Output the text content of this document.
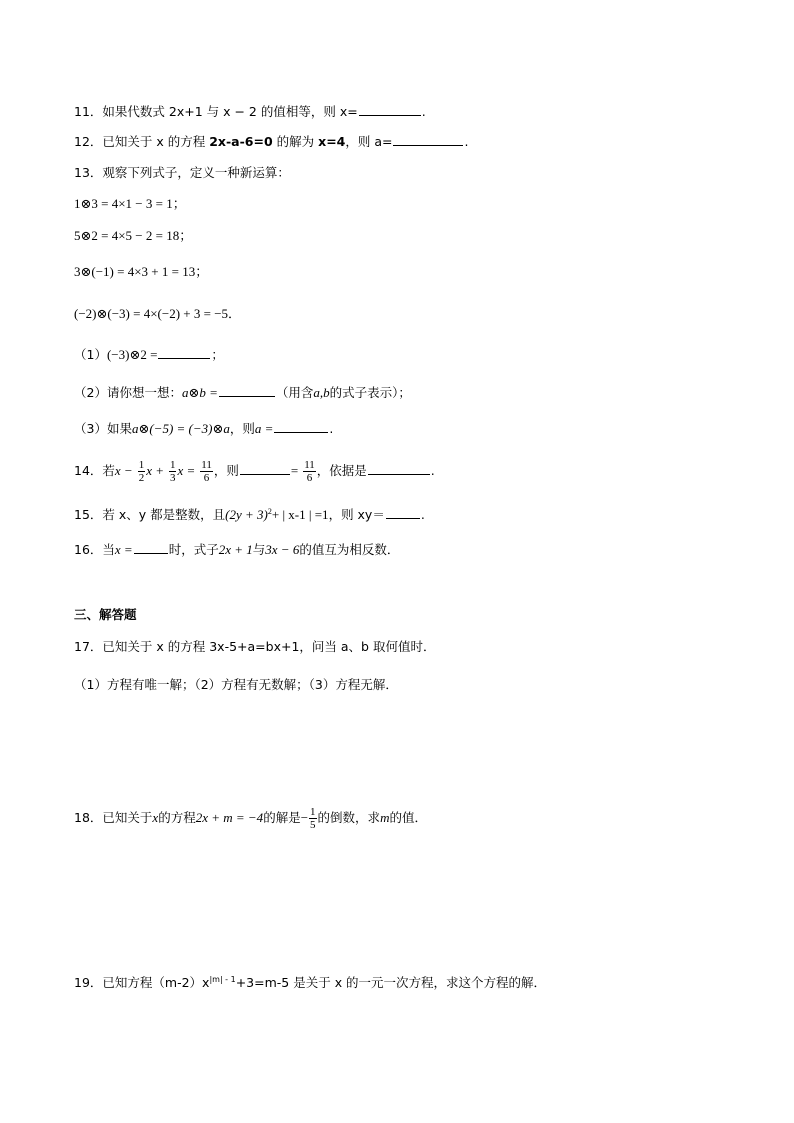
11．如果代数式 2x+1 与 x − 2 的值相等，则 x=	.
12．已知关于 x 的方程 2x-a-6=0 的解为 x=4，则 a=	.
13．观察下列式子，定义一种新运算：
1⊗3 = 4×1 − 3 = 1；
5⊗2 = 4×5 − 2 = 18；
3⊗(−1) = 4×3 + 1 = 13；
(−2)⊗(−3) = 4×(−2) + 3 = −5．
（1）(−3)⊗2 =	；
（2）请你想一想：a⊗b =	（用含a,b的式子表示）；
（3）如果a⊗(−5) = (−3)⊗a，则a =	.
14．若$x - \frac{1}{2}$ $x + \frac{1}{3}$ $x = \frac{11}{6}$ ，则	= $\frac{11}{6}$ ，依据是	.
15．若 x、y 都是整数，且$(2y + 3)^2+$ | x-1 | =1，则 xy＝	.
16．当x =	时，式子2x + 1与3x − 6的值互为相反数．
三、解答题
17．已知关于 x 的方程 3x-5+a=bx+1，问当 a、b 取何值时．
（1）方程有唯一解；（2）方程有无数解；（3）方程无解．
18．已知关于x的方程2x + m = −4的解是− $\frac{1}{5}$ 的倒数，求m的值．
19．已知方程$(m-2)x^{|m| - 1}+3=m-5$ 是关于 x 的一元一次方程，求这个方程的解．
